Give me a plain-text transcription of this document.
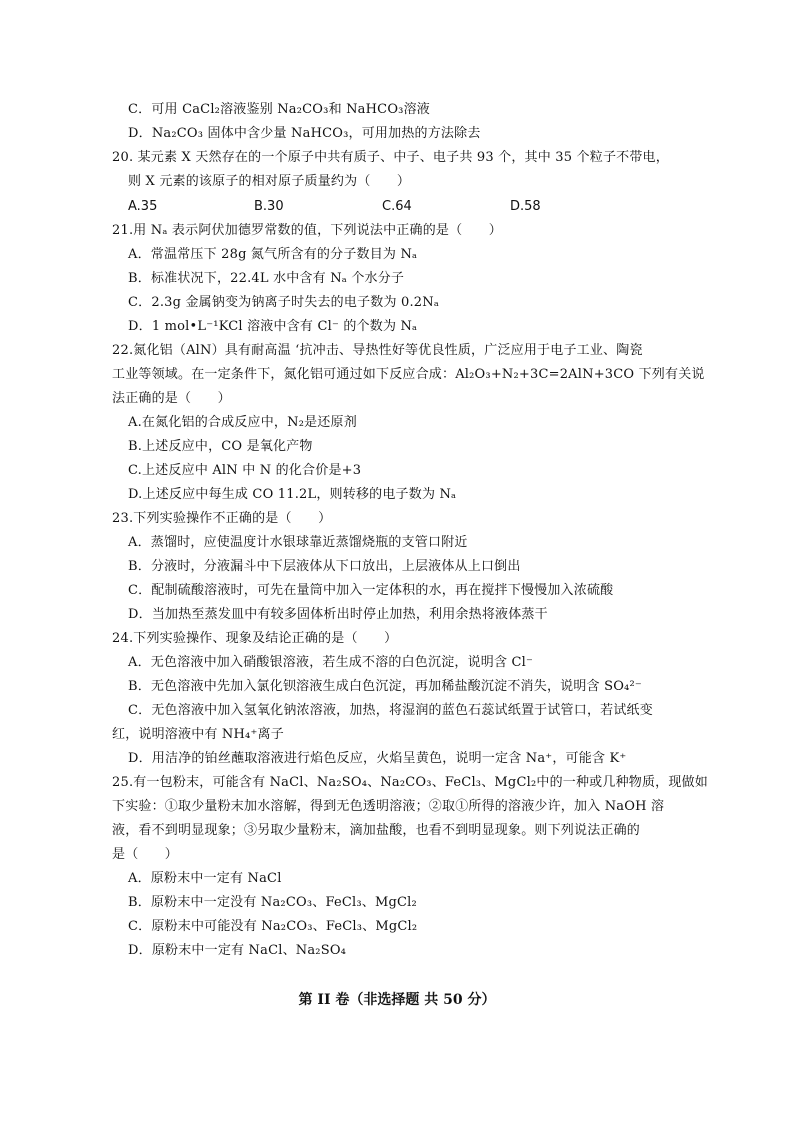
C．可用 CaCl₂溶液鉴别 Na₂CO₃和 NaHCO₃溶液
D．Na₂CO₃ 固体中含少量 NaHCO₃，可用加热的方法除去
20. 某元素 X 天然存在的一个原子中共有质子、中子、电子共 93 个，其中 35 个粒子不带电，
则 X 元素的该原子的相对原子质量约为（　　）
A.35	B.30	C.64	D.58
21.用 Nₐ 表示阿伏加德罗常数的值，下列说法中正确的是（　　）
A．常温常压下 28g 氮气所含有的分子数目为 Nₐ
B．标准状况下，22.4L 水中含有 Nₐ 个水分子
C．2.3g 金属钠变为钠离子时失去的电子数为 0.2Nₐ
D．1 mol•L⁻¹KCl 溶液中含有 Cl⁻ 的个数为 Nₐ
22.氮化铝（AlN）具有耐高温 ‘抗冲击、导热性好等优良性质，广泛应用于电子工业、陶瓷
工业等领域。在一定条件下，氮化铝可通过如下反应合成：Al₂O₃+N₂+3C=2AlN+3CO 下列有关说
法正确的是（　　）
A.在氮化铝的合成反应中，N₂是还原剂
B.上述反应中，CO 是氧化产物
C.上述反应中 AlN 中 N 的化合价是+3
D.上述反应中每生成 CO 11.2L，则转移的电子数为 Nₐ
23.下列实验操作不正确的是（　　）
A．蒸馏时，应使温度计水银球靠近蒸馏烧瓶的支管口附近
B．分液时，分液漏斗中下层液体从下口放出，上层液体从上口倒出
C．配制硫酸溶液时，可先在量筒中加入一定体积的水，再在搅拌下慢慢加入浓硫酸
D．当加热至蒸发皿中有较多固体析出时停止加热，利用余热将液体蒸干
24.下列实验操作、现象及结论正确的是（　　）
A．无色溶液中加入硝酸银溶液，若生成不溶的白色沉淀，说明含 Cl⁻
B．无色溶液中先加入氯化钡溶液生成白色沉淀，再加稀盐酸沉淀不消失，说明含 SO₄²⁻
C．无色溶液中加入氢氧化钠浓溶液，加热，将湿润的蓝色石蕊试纸置于试管口，若试纸变
红，说明溶液中有 NH₄⁺离子
D．用洁净的铂丝蘸取溶液进行焰色反应，火焰呈黄色，说明一定含 Na⁺，可能含 K⁺
25.有一包粉末，可能含有 NaCl、Na₂SO₄、Na₂CO₃、FeCl₃、MgCl₂中的一种或几种物质，现做如
下实验：①取少量粉末加水溶解，得到无色透明溶液；②取①所得的溶液少许，加入 NaOH 溶
液，看不到明显现象；③另取少量粉末，滴加盐酸，也看不到明显现象。则下列说法正确的
是（　　）
A．原粉末中一定有 NaCl
B．原粉末中一定没有 Na₂CO₃、FeCl₃、MgCl₂
C．原粉末中可能没有 Na₂CO₃、FeCl₃、MgCl₂
D．原粉末中一定有 NaCl、Na₂SO₄
第 II 卷（非选择题 共 50 分）
